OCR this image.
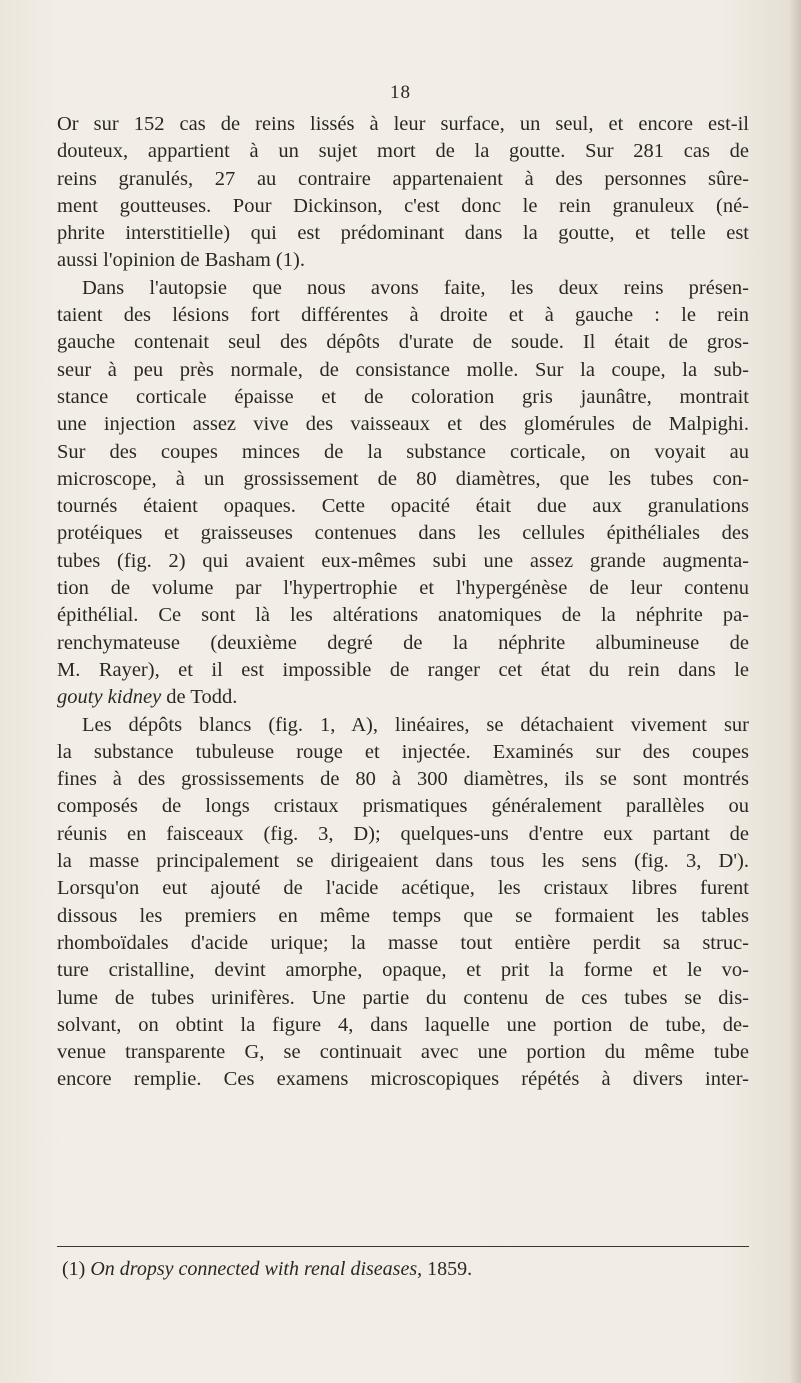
18
Or sur 152 cas de reins lissés à leur surface, un seul, et encore est-il
douteux, appartient à un sujet mort de la goutte. Sur 281 cas de
reins granulés, 27 au contraire appartenaient à des personnes sûre-
ment goutteuses. Pour Dickinson, c'est donc le rein granuleux (né-
phrite interstitielle) qui est prédominant dans la goutte, et telle est
aussi l'opinion de Basham (1).
Dans l'autopsie que nous avons faite, les deux reins présen-
taient des lésions fort différentes à droite et à gauche : le rein
gauche contenait seul des dépôts d'urate de soude. Il était de gros-
seur à peu près normale, de consistance molle. Sur la coupe, la sub-
stance corticale épaisse et de coloration gris jaunâtre, montrait
une injection assez vive des vaisseaux et des glomérules de Malpighi.
Sur des coupes minces de la substance corticale, on voyait au
microscope, à un grossissement de 80 diamètres, que les tubes con-
tournés étaient opaques. Cette opacité était due aux granulations
protéiques et graisseuses contenues dans les cellules épithéliales des
tubes (fig. 2) qui avaient eux-mêmes subi une assez grande augmenta-
tion de volume par l'hypertrophie et l'hypergénèse de leur contenu
épithélial. Ce sont là les altérations anatomiques de la néphrite pa-
renchymateuse (deuxième degré de la néphrite albumineuse de
M. Rayer), et il est impossible de ranger cet état du rein dans le
gouty kidney de Todd.
Les dépôts blancs (fig. 1, A), linéaires, se détachaient vivement sur
la substance tubuleuse rouge et injectée. Examinés sur des coupes
fines à des grossissements de 80 à 300 diamètres, ils se sont montrés
composés de longs cristaux prismatiques généralement parallèles ou
réunis en faisceaux (fig. 3, D); quelques-uns d'entre eux partant de
la masse principalement se dirigeaient dans tous les sens (fig. 3, D').
Lorsqu'on eut ajouté de l'acide acétique, les cristaux libres furent
dissous les premiers en même temps que se formaient les tables
rhomboïdales d'acide urique; la masse tout entière perdit sa struc-
ture cristalline, devint amorphe, opaque, et prit la forme et le vo-
lume de tubes urinifères. Une partie du contenu de ces tubes se dis-
solvant, on obtint la figure 4, dans laquelle une portion de tube, de-
venue transparente G, se continuait avec une portion du même tube
encore remplie. Ces examens microscopiques répétés à divers inter-
(1) On dropsy connected with renal diseases, 1859.
